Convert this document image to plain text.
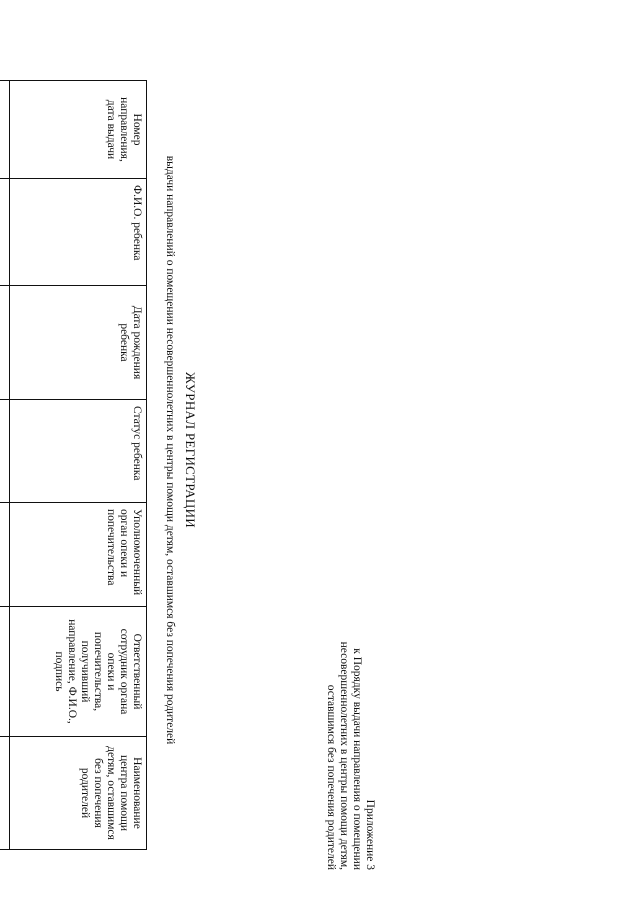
Приложение 3
к Порядку выдачи направления о помещении
несовершеннолетних в центры помощи детям,
оставшимся без попечения родителей
ЖУРНАЛ РЕГИСТРАЦИИ
выдачи направлений о помещении несовершеннолетних в центры помощи детям, оставшимся без попечения родителей
Номер направления, дата выдачи	Ф.И.О. ребенка	Дата рождения ребенка	Статус ребенка	Уполномоченный орган опеки и попечительства	Ответственный сотрудник органа опеки и попечительства, получивший направление, Ф.И.О., подпись	Наименование центра помощи детям, оставшимся без попечения родителей
